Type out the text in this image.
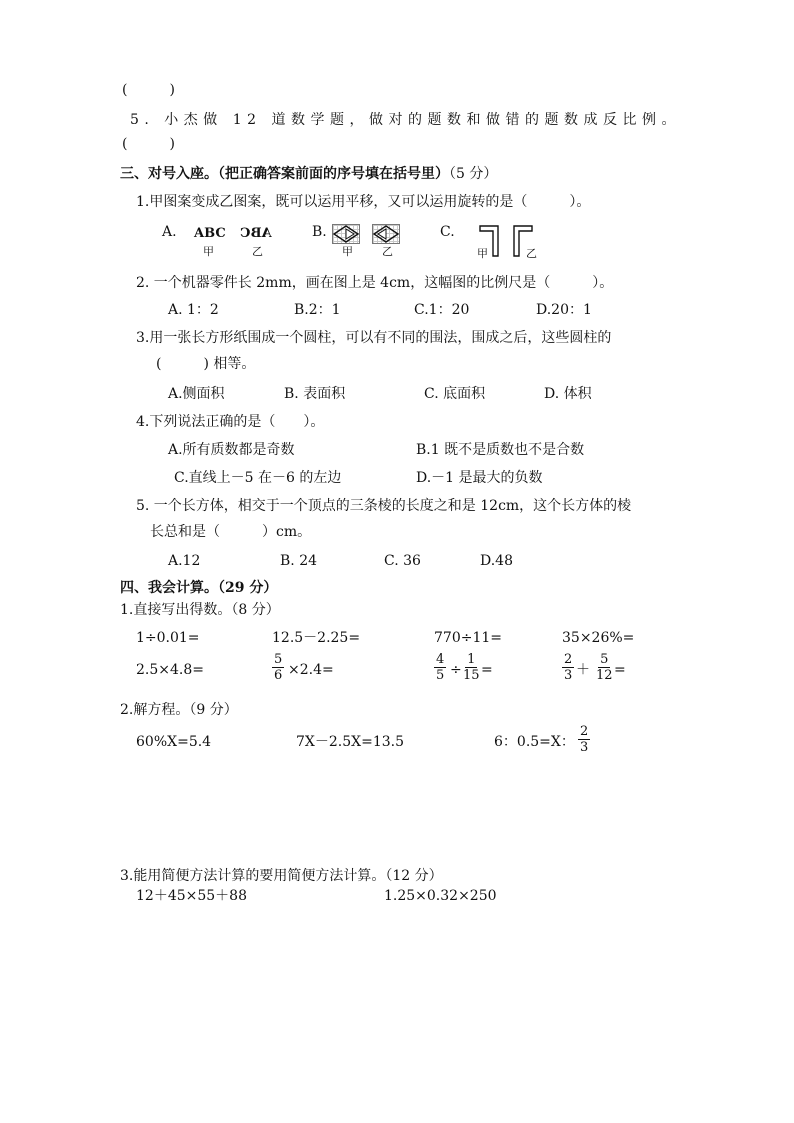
(　　　)
5. 小杰做 12 道数学题，做对的题数和做错的题数成反比例。
(　　　)
三、对号入座。（把正确答案前面的序号填在括号里）（5 分）
1.甲图案变成乙图案，既可以运用平移，又可以运用旋转的是（　　　）。
A. ABC ABC
甲	乙
B.
甲	乙
C.
甲	乙
2. 一个机器零件长 2mm，画在图上是 4cm，这幅图的比例尺是（　　　）。
A. 1：2	B.2：1	C.1：20	D.20：1
3.用一张长方形纸围成一个圆柱，可以有不同的围法，围成之后，这些圆柱的
(　　　) 相等。
A.侧面积	B. 表面积	C. 底面积	D. 体积
4.下列说法正确的是（　　）。
A.所有质数都是奇数	B.1 既不是质数也不是合数
C.直线上－5 在－6 的左边	D.－1 是最大的负数
5. 一个长方体，相交于一个顶点的三条棱的长度之和是 12cm，这个长方体的棱
长总和是（　　　）cm。
A.12	B. 24	C. 36	D.48
四、我会计算。（29 分）
1.直接写出得数。（8 分）
1÷0.01=	12.5－2.25=	770÷11=	35×26%=
2.5×4.8=	$\frac{5}{6} \times 2.4=$	$\frac{4}{5} \div \frac{1}{15}$ =	$\frac{2}{3} + \frac{5}{12}$ =
2.解方程。（9 分）
60%X=5.4	7X－2.5X=13.5	6：0.5=X： $\frac{2}{3}$
3.能用简便方法计算的要用简便方法计算。（12 分）
12＋45×55＋88	1.25×0.32×250
